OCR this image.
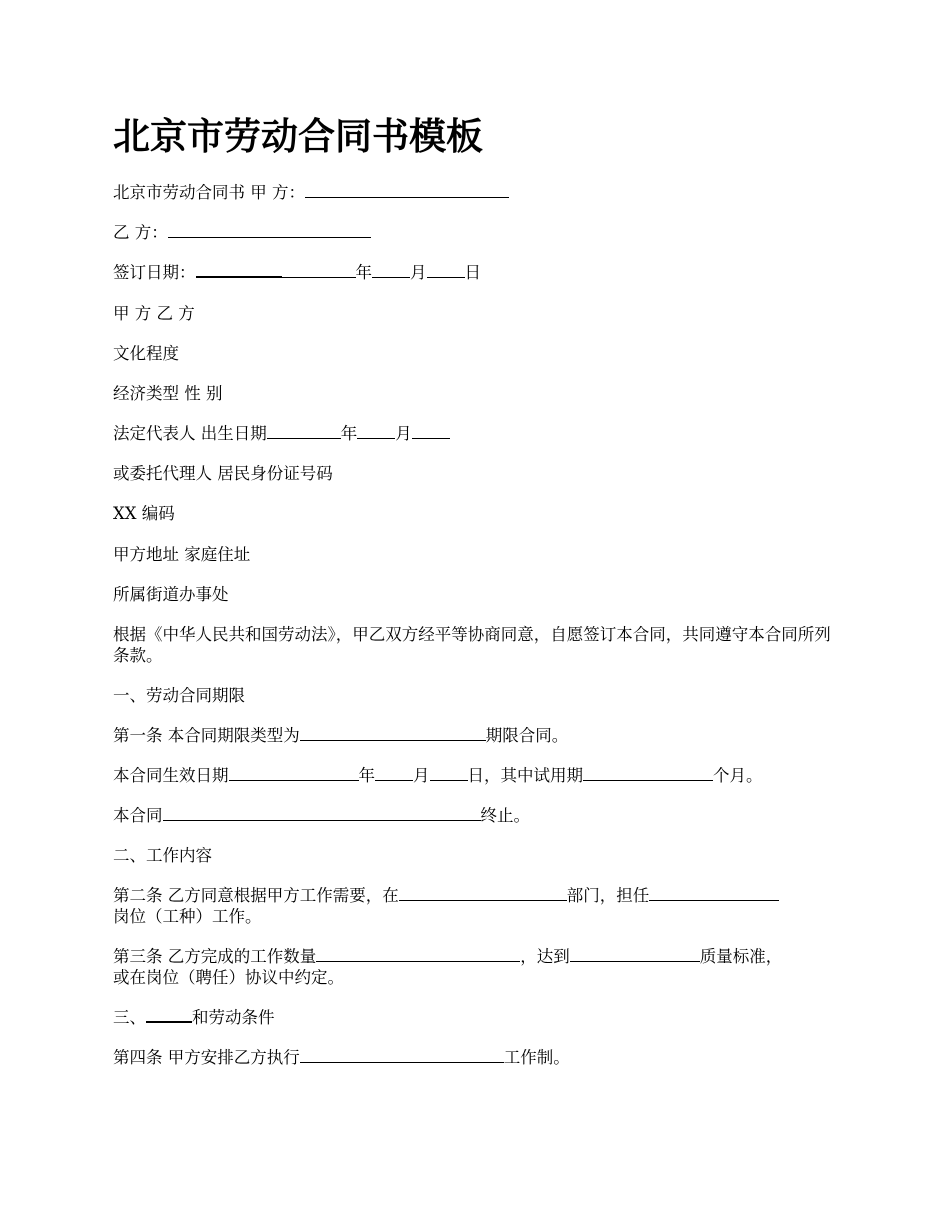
北京市劳动合同书模板
北京市劳动合同书 甲 方：
乙 方：
签订日期：	年 月 日
甲 方 乙 方
文化程度
经济类型 性 别
法定代表人 出生日期	年 月
或委托代理人 居民身份证号码
XX 编码
甲方地址 家庭住址
所属街道办事处
根据《中华人民共和国劳动法》，甲乙双方经平等协商同意，自愿签订本合同，共同遵守本合同所列条款。
一、劳动合同期限
第一条 本合同期限类型为	期限合同。
本合同生效日期	年 月 日，其中试用期	个月。
本合同	终止。
二、工作内容
第二条 乙方同意根据甲方工作需要，在	部门，担任
岗位（工种）工作。
第三条 乙方完成的工作数量	，达到	质量标准，
或在岗位（聘任）协议中约定。
三、	和劳动条件
第四条 甲方安排乙方执行	工作制。
